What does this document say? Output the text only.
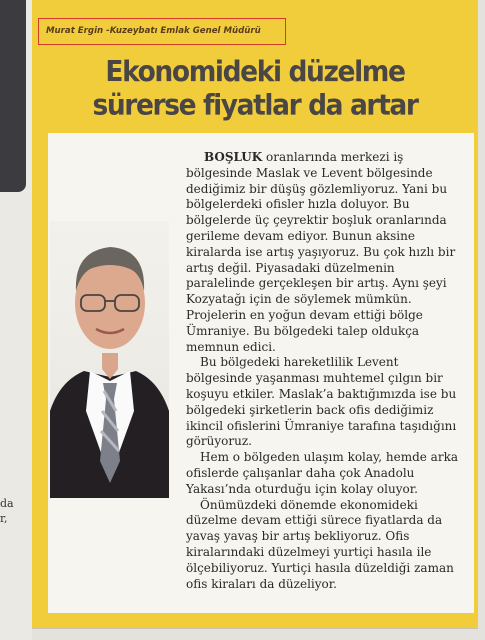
da
r,
Murat Ergin -Kuzeybatı Emlak Genel Müdürü
Ekonomideki düzelme
sürerse fiyatlar da artar

BOŞLUK oranlarında merkezi iş bölgesinde Maslak ve Levent bölgesinde dediğimiz bir düşüş gözlemliyoruz. Yani bu bölgelerdeki ofisler hızla doluyor. Bu bölgelerde üç çeyrektir boşluk oranlarında gerileme devam ediyor. Bunun aksine kiralarda ise artış yaşıyoruz. Bu çok hızlı bir artış değil. Piyasadaki düzelmenin paralelinde gerçekleşen bir artış. Aynı şeyi Kozyatağı için de söylemek mümkün. Projelerin en yoğun devam ettiği bölge Ümraniye. Bu bölgedeki talep oldukça memnun edici.

Bu bölgedeki hareketlilik Levent bölgesinde yaşanması muhtemel çılgın bir koşuyu etkiler. Maslak’a baktığımızda ise bu bölgedeki şirketlerin back ofis dediğimiz ikincil ofislerini Ümraniye tarafına taşıdığını görüyoruz.

Hem o bölgeden ulaşım kolay, hemde arka ofislerde çalışanlar daha çok Anadolu Yakası’nda oturduğu için kolay oluyor.

Önümüzdeki dönemde ekonomideki düzelme devam ettiği sürece fiyatlarda da yavaş yavaş bir artış bekliyoruz. Ofis kiralarındaki düzelmeyi yurtiçi hasıla ile ölçebiliyoruz. Yurtiçi hasıla düzeldiği zaman ofis kiraları da düzeliyor.
